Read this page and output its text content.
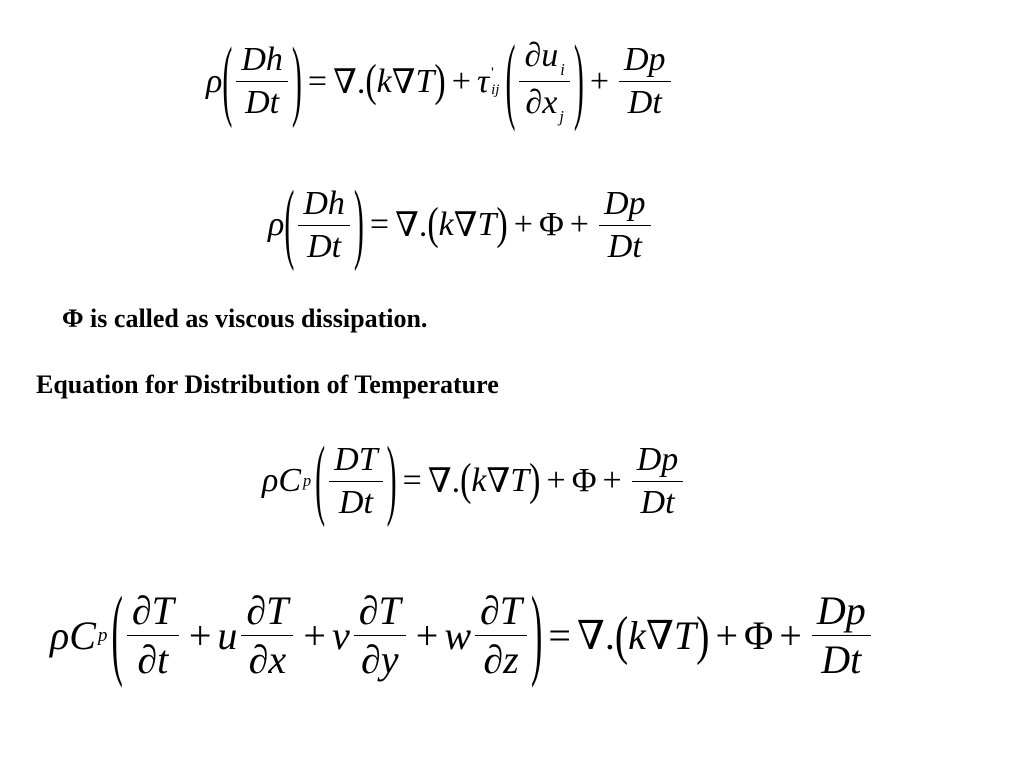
ρ ( $\frac{Dh}{Dt}$ ) = ∇. ( k ∇ T ) + τ '
ij ( $\frac{\partial u _i}{\partial x _j}$ ) + $\frac{Dp}{Dt}$
ρ ( $\frac{Dh}{Dt}$ ) = ∇. ( k ∇ T ) + $\Phi + \frac{Dp}{Dt}$
Φ is called as viscous dissipation.
Equation for Distribution of Temperature
ρ C p ( $\frac{DT}{Dt}$ ) = ∇. ( k ∇ T ) + $\Phi + \frac{Dp}{Dt}$
ρ C p ( $\frac{\partial T}{\partial t} + u \frac{\partial T}{\partial x} + v \frac{\partial T}{\partial y} + w \frac{\partial T}{\partial z}$ ) = ∇. ( k ∇ T ) + $\Phi + \frac{Dp}{Dt}$
